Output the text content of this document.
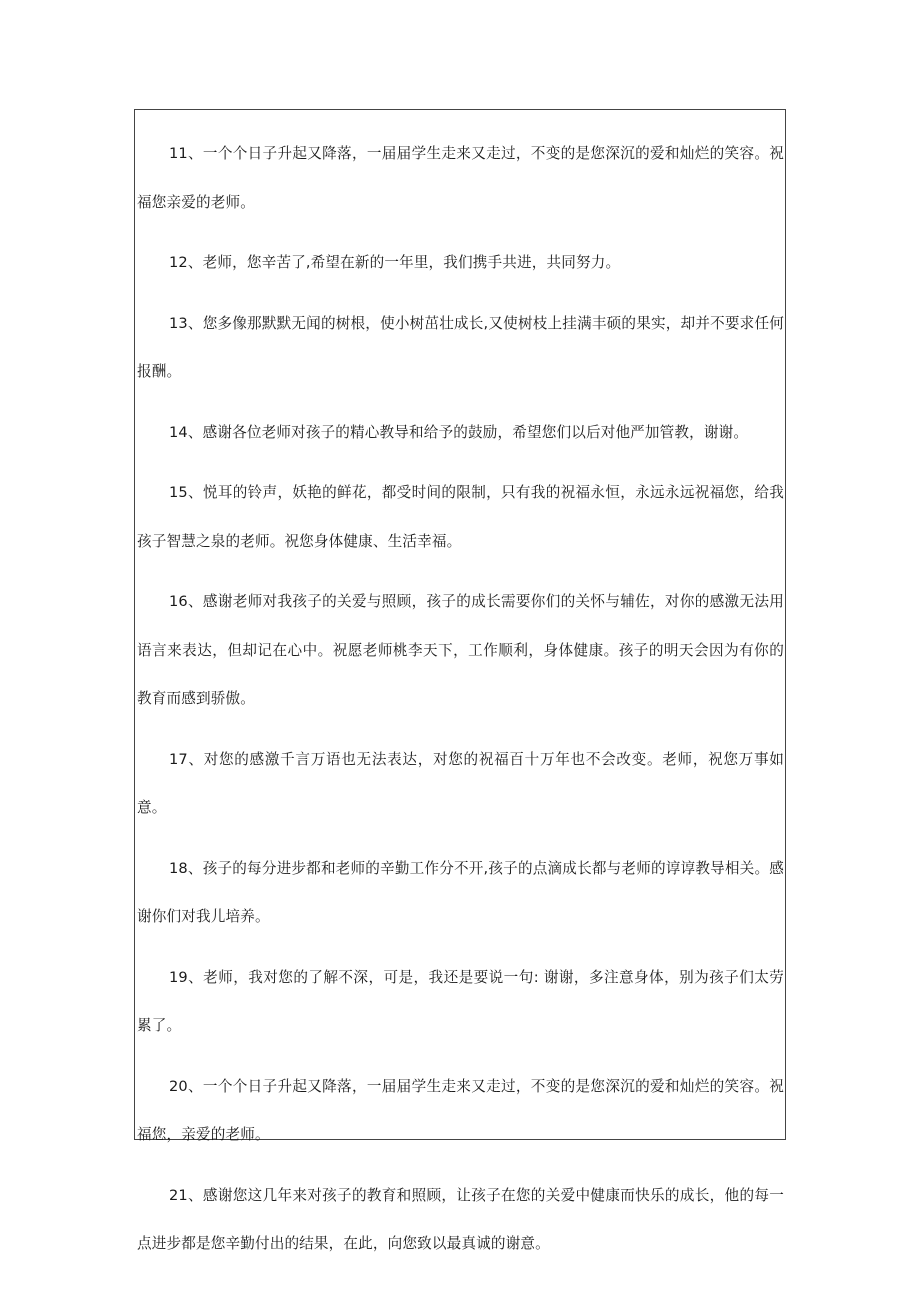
11、一个个日子升起又降落，一届届学生走来又走过，不变的是您深沉的爱和灿烂的笑容。祝福您亲爱的老师。

12、老师，您辛苦了,希望在新的一年里，我们携手共进，共同努力。

13、您多像那默默无闻的树根，使小树茁壮成长,又使树枝上挂满丰硕的果实，却并不要求任何报酬。

14、感谢各位老师对孩子的精心教导和给予的鼓励，希望您们以后对他严加管教，谢谢。

15、悦耳的铃声，妖艳的鲜花，都受时间的限制，只有我的祝福永恒，永远永远祝福您，给我孩子智慧之泉的老师。祝您身体健康、生活幸福。

16、感谢老师对我孩子的关爱与照顾，孩子的成长需要你们的关怀与辅佐，对你的感激无法用语言来表达，但却记在心中。祝愿老师桃李天下，工作顺利，身体健康。孩子的明天会因为有你的教育而感到骄傲。

17、对您的感激千言万语也无法表达，对您的祝福百十万年也不会改变。老师，祝您万事如意。

18、孩子的每分进步都和老师的辛勤工作分不开,孩子的点滴成长都与老师的谆谆教导相关。感谢你们对我儿培养。

19、老师，我对您的了解不深，可是，我还是要说一句: 谢谢，多注意身体，别为孩子们太劳累了。

20、一个个日子升起又降落，一届届学生走来又走过，不变的是您深沉的爱和灿烂的笑容。祝福您，亲爱的老师。

21、感谢您这几年来对孩子的教育和照顾，让孩子在您的关爱中健康而快乐的成长，他的每一点进步都是您辛勤付出的结果，在此，向您致以最真诚的谢意。
